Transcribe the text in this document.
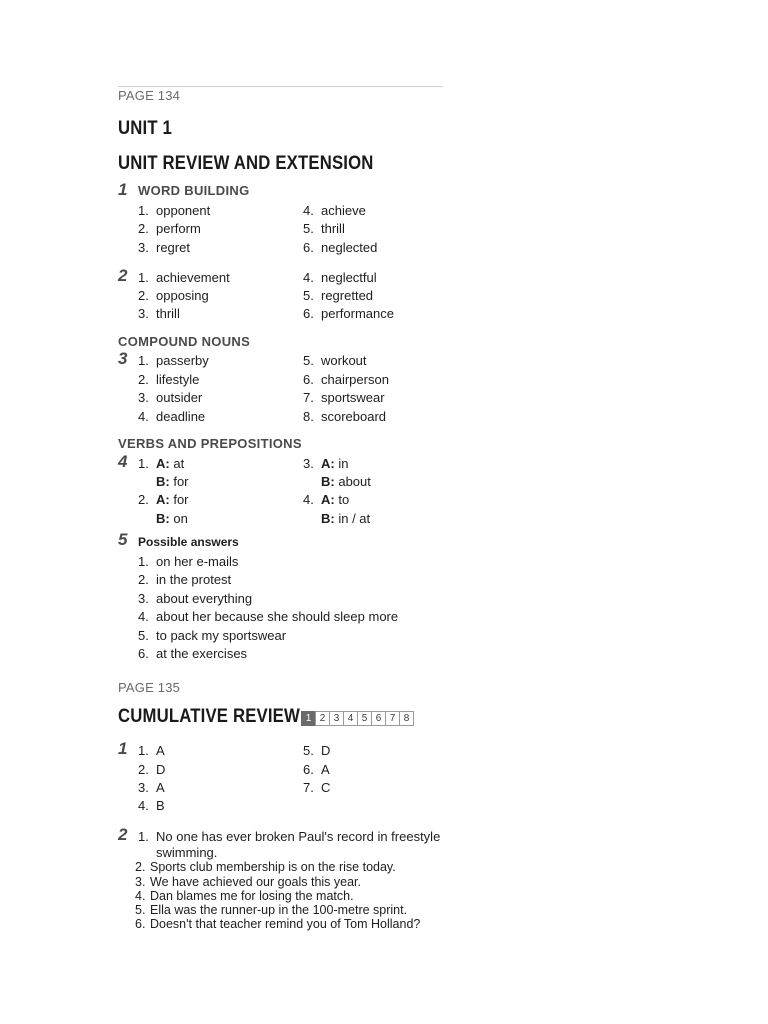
PAGE 134
UNIT 1
UNIT REVIEW AND EXTENSION
1 WORD BUILDING
1. opponent
2. perform
3. regret
4. achieve
5. thrill
6. neglected
2 1. achievement
2. opposing
3. thrill
4. neglectful
5. regretted
6. performance
COMPOUND NOUNS
3 1. passerby
2. lifestyle
3. outsider
4. deadline
5. workout
6. chairperson
7. sportswear
8. scoreboard
VERBS AND PREPOSITIONS
4 1. A: at
B: for
2. A: for
B: on
3. A: in
B: about
4. A: to
B: in / at
5 Possible answers
1. on her e-mails
2. in the protest
3. about everything
4. about her because she should sleep more
5. to pack my sportswear
6. at the exercises
PAGE 135
CUMULATIVE REVIEW 1 2 3 4 5 6 7 8
1 1. A
2. D
3. A
4. B
5. D
6. A
7. C
2 1. No one has ever broken Paul's record in freestyle
swimming.
2. Sports club membership is on the rise today.
3. We have achieved our goals this year.
4. Dan blames me for losing the match.
5. Ella was the runner-up in the 100-metre sprint.
6. Doesn't that teacher remind you of Tom Holland?
